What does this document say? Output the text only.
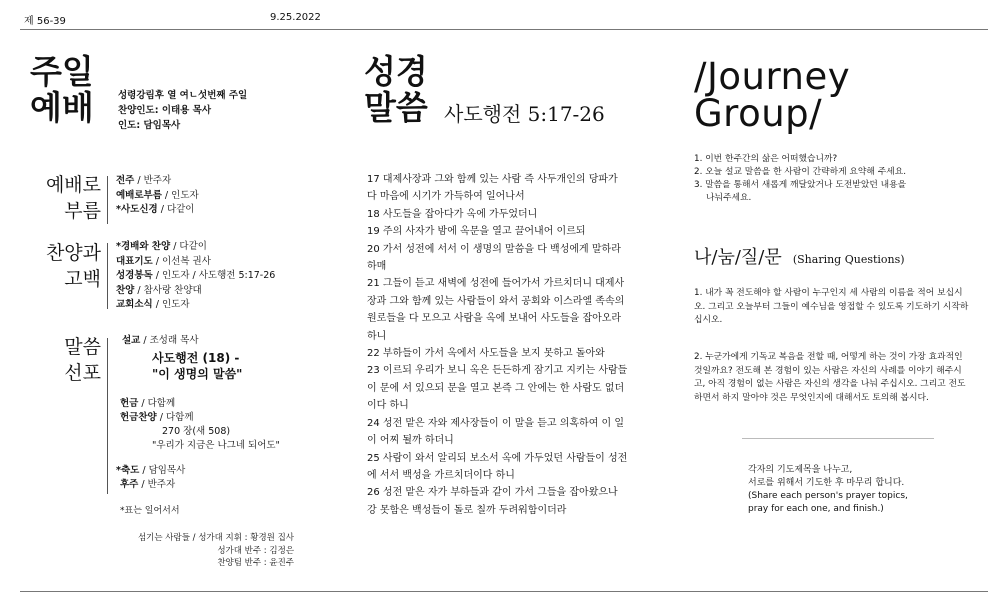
제 56-39	9.25.2022
주일
예배	성령강림후 열 여ㄴ섯번째 주일
찬양인도: 이태용 목사
인도: 담임목사
예배로
부름
전주 / 반주자
예배로부름 / 인도자
*사도신경 / 다같이
찬양과
고백
*경배와 찬양 / 다같이
대표기도 / 이선복 권사
성경봉독 / 인도자 / 사도행전 5:17-26
찬양 / 참사랑 찬양대
교회소식 / 인도자
말씀
선포
설교 / 조성래 목사
사도행전 (18) -
"이 생명의 말씀"
헌금 / 다함께
헌금찬양 / 다함께
270 장(새 508)
"우리가 지금은 나그네 되어도"
*축도 / 담임목사
후주 / 반주자
*표는 일어서서
섬기는 사람들 / 성가대 지휘 : 황경원 집사
성가대 반주 : 김정은
찬양팀 반주 : 윤진주
성경
말씀 사도행전 5:17-26

17 대제사장과 그와 함께 있는 사람 즉 사두개인의 당파가 다 마음에 시기가 가득하여 일어나서

18 사도들을 잡아다가 옥에 가두었더니

19 주의 사자가 밤에 옥문을 열고 끌어내어 이르되

20 가서 성전에 서서 이 생명의 말씀을 다 백성에게 말하라 하매

21 그들이 듣고 새벽에 성전에 들어가서 가르치더니 대제사장과 그와 함께 있는 사람들이 와서 공회와 이스라엘 족속의 원로들을 다 모으고 사람을 옥에 보내어 사도들을 잡아오라 하니

22 부하들이 가서 옥에서 사도들을 보지 못하고 돌아와

23 이르되 우리가 보니 옥은 든든하게 잠기고 지키는 사람들이 문에 서 있으되 문을 열고 본즉 그 안에는 한 사람도 없더이다 하니

24 성전 맡은 자와 제사장들이 이 말을 듣고 의혹하여 이 일이 어찌 될까 하더니

25 사람이 와서 알리되 보소서 옥에 가두었던 사람들이 성전에 서서 백성을 가르치더이다 하니

26 성전 맡은 자가 부하들과 같이 가서 그들을 잡아왔으나 강 못함은 백성들이 돌로 칠까 두려워함이더라

/Journey
Group/

1. 이번 한주간의 삶은 어떠했습니까?

2. 오늘 설교 말씀을 한 사람이 간략하게 요약해 주세요.

3. 말씀을 통해서 새롭게 깨달았거나 도전받았던 내용을

나눠주세요.

나/눔/질/문 (Sharing Questions)
1. 내가 꼭 전도해야 할 사람이 누구인지 세 사람의 이름을 적어 보십시오. 그리고 오늘부터 그들이 예수님을 영접할 수 있도록 기도하기 시작하십시오.
2. 누군가에게 기독교 복음을 전할 때, 어떻게 하는 것이 가장 효과적인 것일까요? 전도해 본 경험이 있는 사람은 자신의 사례를 이야기 해주시고, 아직 경험이 없는 사람은 자신의 생각을 나눠 주십시오. 그리고 전도하면서 하지 말아야 것은 무엇인지에 대해서도 토의해 봅시다.
각자의 기도제목을 나누고,
서로를 위해서 기도한 후 마무리 합니다.
(Share each person's prayer topics,
pray for each one, and finish.)
